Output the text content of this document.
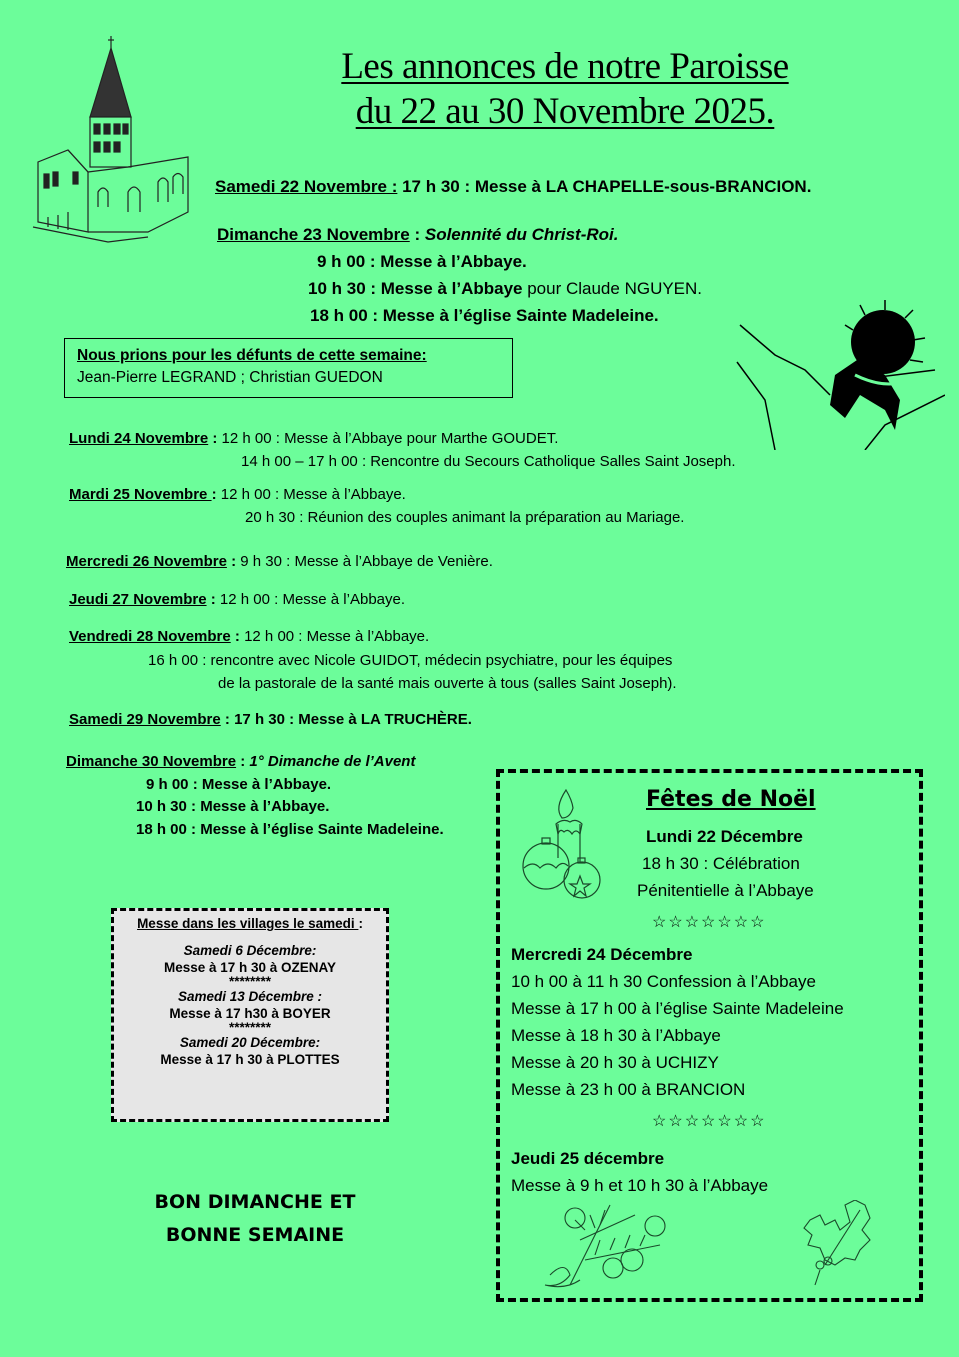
Les annonces de notre Paroisse
du 22 au 30 Novembre 2025.
Samedi 22 Novembre : 17 h 30 : Messe à LA CHAPELLE-sous-BRANCION.
Dimanche 23 Novembre : Solennité du Christ-Roi.
9 h 00 : Messe à l’Abbaye.
10 h 30 : Messe à l’Abbaye pour Claude NGUYEN.
18 h 00 : Messe à l’église Sainte Madeleine.
Nous prions pour les défunts de cette semaine:
Jean-Pierre LEGRAND ; Christian GUEDON
Lundi 24 Novembre : 12 h 00 : Messe à l’Abbaye pour Marthe GOUDET.
14 h 00 – 17 h 00 : Rencontre du Secours Catholique Salles Saint Joseph.
Mardi 25 Novembre : 12 h 00 : Messe à l’Abbaye.
20 h 30 : Réunion des couples animant la préparation au Mariage.
Mercredi 26 Novembre : 9 h 30 : Messe à l’Abbaye de Venière.
Jeudi 27 Novembre : 12 h 00 : Messe à l’Abbaye.
Vendredi 28 Novembre : 12 h 00 : Messe à l’Abbaye.
16 h 00 : rencontre avec Nicole GUIDOT, médecin psychiatre, pour les équipes
de la pastorale de la santé mais ouverte à tous (salles Saint Joseph).
Samedi 29 Novembre : 17 h 30 : Messe à LA TRUCHÈRE.
Dimanche 30 Novembre : 1° Dimanche de l’Avent
9 h 00 : Messe à l’Abbaye.
10 h 30 : Messe à l’Abbaye.
18 h 00 : Messe à l’église Sainte Madeleine.
Messe dans les villages le samedi :
Samedi 6 Décembre:
Messe à 17 h 30 à OZENAY
********
Samedi 13 Décembre :
Messe à 17 h30 à BOYER
********
Samedi 20 Décembre:
Messe à 17 h 30 à PLOTTES
BON DIMANCHE ET
BONNE SEMAINE
Fêtes de Noël
Lundi 22 Décembre
18 h 30 : Célébration
Pénitentielle à l’Abbaye
☆☆☆☆☆☆☆
Mercredi 24 Décembre
10 h 00 à 11 h 30 Confession à l’Abbaye
Messe à 17 h 00 à l’église Sainte Madeleine
Messe à 18 h 30 à l’Abbaye
Messe à 20 h 30 à UCHIZY
Messe à 23 h 00 à BRANCION
☆☆☆☆☆☆☆
Jeudi 25 décembre
Messe à 9 h et 10 h 30 à l’Abbaye
